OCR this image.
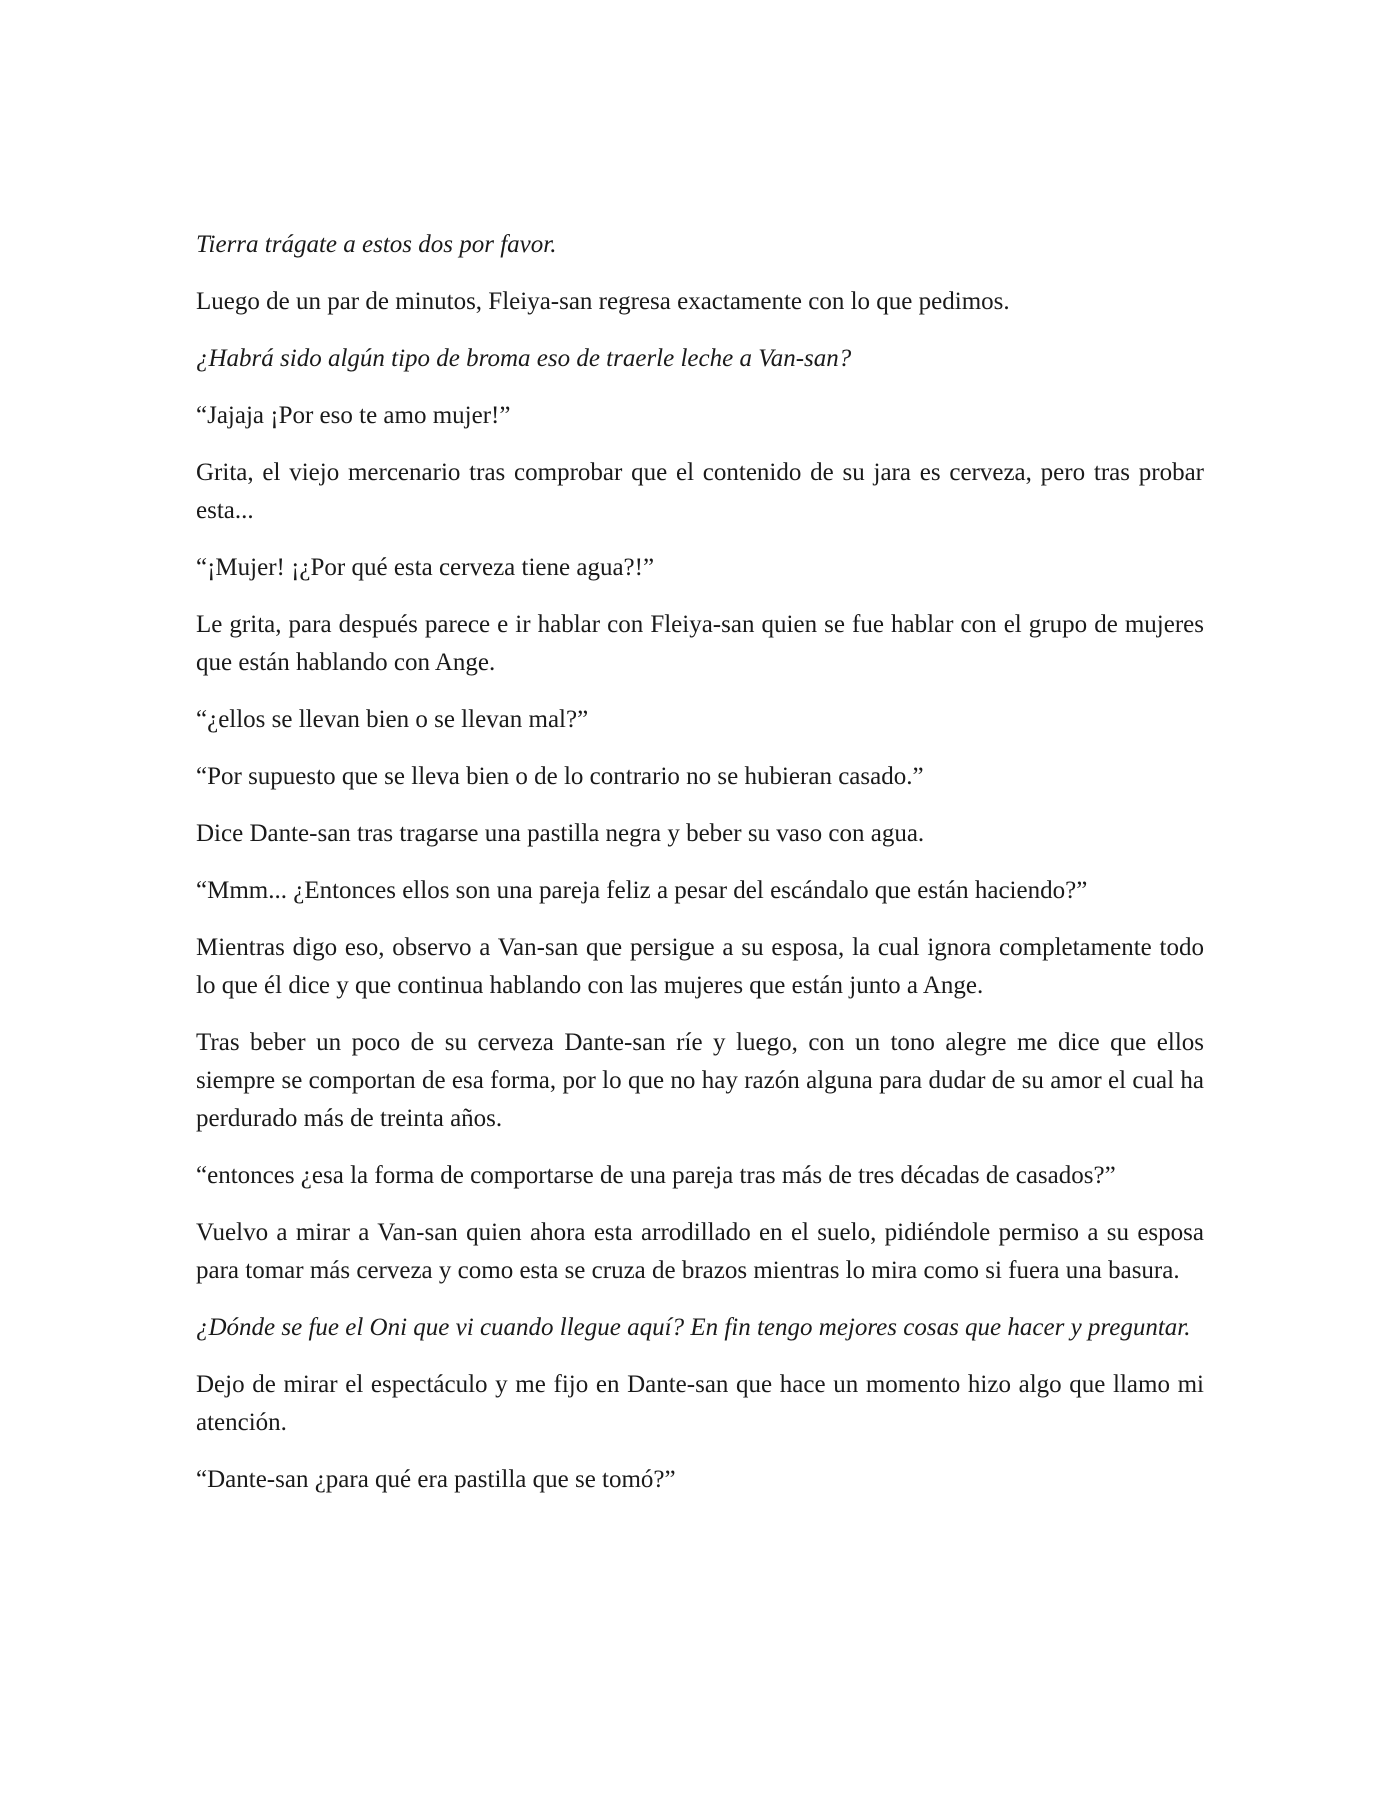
Tierra trágate a estos dos por favor.

Luego de un par de minutos, Fleiya-san regresa exactamente con lo que pedimos.

¿Habrá sido algún tipo de broma eso de traerle leche a Van-san?

“Jajaja ¡Por eso te amo mujer!”

Grita, el viejo mercenario tras comprobar que el contenido de su jara es cerveza, pero tras probar esta...

“¡Mujer! ¡¿Por qué esta cerveza tiene agua?!”

Le grita, para después parece e ir hablar con Fleiya-san quien se fue hablar con el grupo de mujeres que están hablando con Ange.

“¿ellos se llevan bien o se llevan mal?”

“Por supuesto que se lleva bien o de lo contrario no se hubieran casado.”

Dice Dante-san tras tragarse una pastilla negra y beber su vaso con agua.

“Mmm... ¿Entonces ellos son una pareja feliz a pesar del escándalo que están haciendo?”

Mientras digo eso, observo a Van-san que persigue a su esposa, la cual ignora completamente todo lo que él dice y que continua hablando con las mujeres que están junto a Ange.

Tras beber un poco de su cerveza Dante-san ríe y luego, con un tono alegre me dice que ellos siempre se comportan de esa forma, por lo que no hay razón alguna para dudar de su amor el cual ha perdurado más de treinta años.

“entonces ¿esa la forma de comportarse de una pareja tras más de tres décadas de casados?”

Vuelvo a mirar a Van-san quien ahora esta arrodillado en el suelo, pidiéndole permiso a su esposa para tomar más cerveza y como esta se cruza de brazos mientras lo mira como si fuera una basura.

¿Dónde se fue el Oni que vi cuando llegue aquí? En fin tengo mejores cosas que hacer y preguntar.

Dejo de mirar el espectáculo y me fijo en Dante-san que hace un momento hizo algo que llamo mi atención.

“Dante-san ¿para qué era pastilla que se tomó?”
